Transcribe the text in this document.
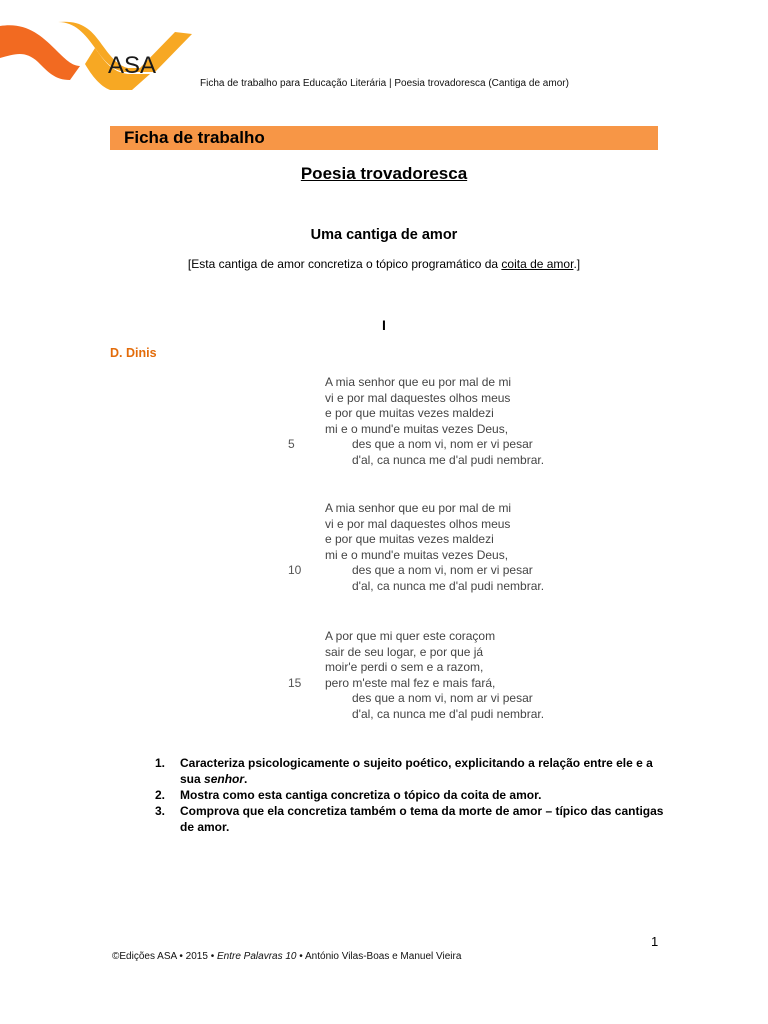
ASA
Ficha de trabalho para Educação Literária | Poesia trovadoresca (Cantiga de amor)
Ficha de trabalho
Poesia trovadoresca
Uma cantiga de amor
[Esta cantiga de amor concretiza o tópico programático da coita de amor.]
I
D. Dinis
A mia senhor que eu por mal de mi
vi e por mal daquestes olhos meus
e por que muitas vezes maldezi
mi e o mund'e muitas vezes Deus,
5	des que a nom vi, nom er vi pesar
d'al, ca nunca me d'al pudi nembrar.
A mia senhor que eu por mal de mi
vi e por mal daquestes olhos meus
e por que muitas vezes maldezi
mi e o mund'e muitas vezes Deus,
10	des que a nom vi, nom er vi pesar
d'al, ca nunca me d'al pudi nembrar.
A por que mi quer este coraçom
sair de seu logar, e por que já
moir'e perdi o sem e a razom,
15 pero m'este mal fez e mais fará,
des que a nom vi, nom ar vi pesar
d'al, ca nunca me d'al pudi nembrar.
1. Caracteriza psicologicamente o sujeito poético, explicitando a relação entre ele e a sua senhor.
2. Mostra como esta cantiga concretiza o tópico da coita de amor.
3. Comprova que ela concretiza também o tema da morte de amor – típico das cantigas de amor.
1
©Edições ASA • 2015 • Entre Palavras 10 • António Vilas-Boas e Manuel Vieira
